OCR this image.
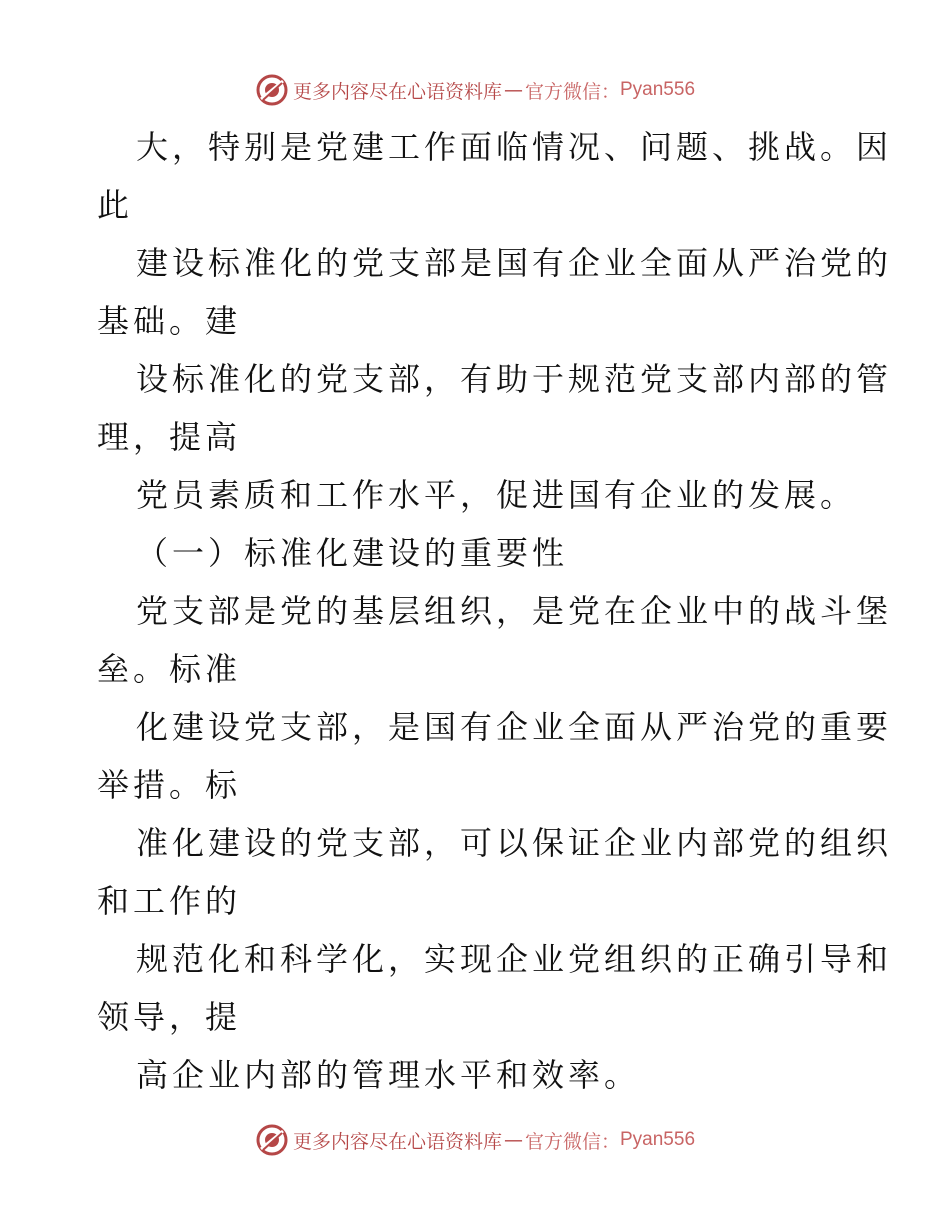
更多内容尽在心语资料库 — 官方微信： Pyan556
大，特别是党建工作面临情况、问题、挑战。因
此
建设标准化的党支部是国有企业全面从严治党的
基础。建
设标准化的党支部，有助于规范党支部内部的管
理，提高
党员素质和工作水平，促进国有企业的发展。
（一）标准化建设的重要性
党支部是党的基层组织，是党在企业中的战斗堡
垒。标准
化建设党支部，是国有企业全面从严治党的重要
举措。标
准化建设的党支部，可以保证企业内部党的组织
和工作的
规范化和科学化，实现企业党组织的正确引导和
领导，提
高企业内部的管理水平和效率。
更多内容尽在心语资料库 — 官方微信： Pyan556
